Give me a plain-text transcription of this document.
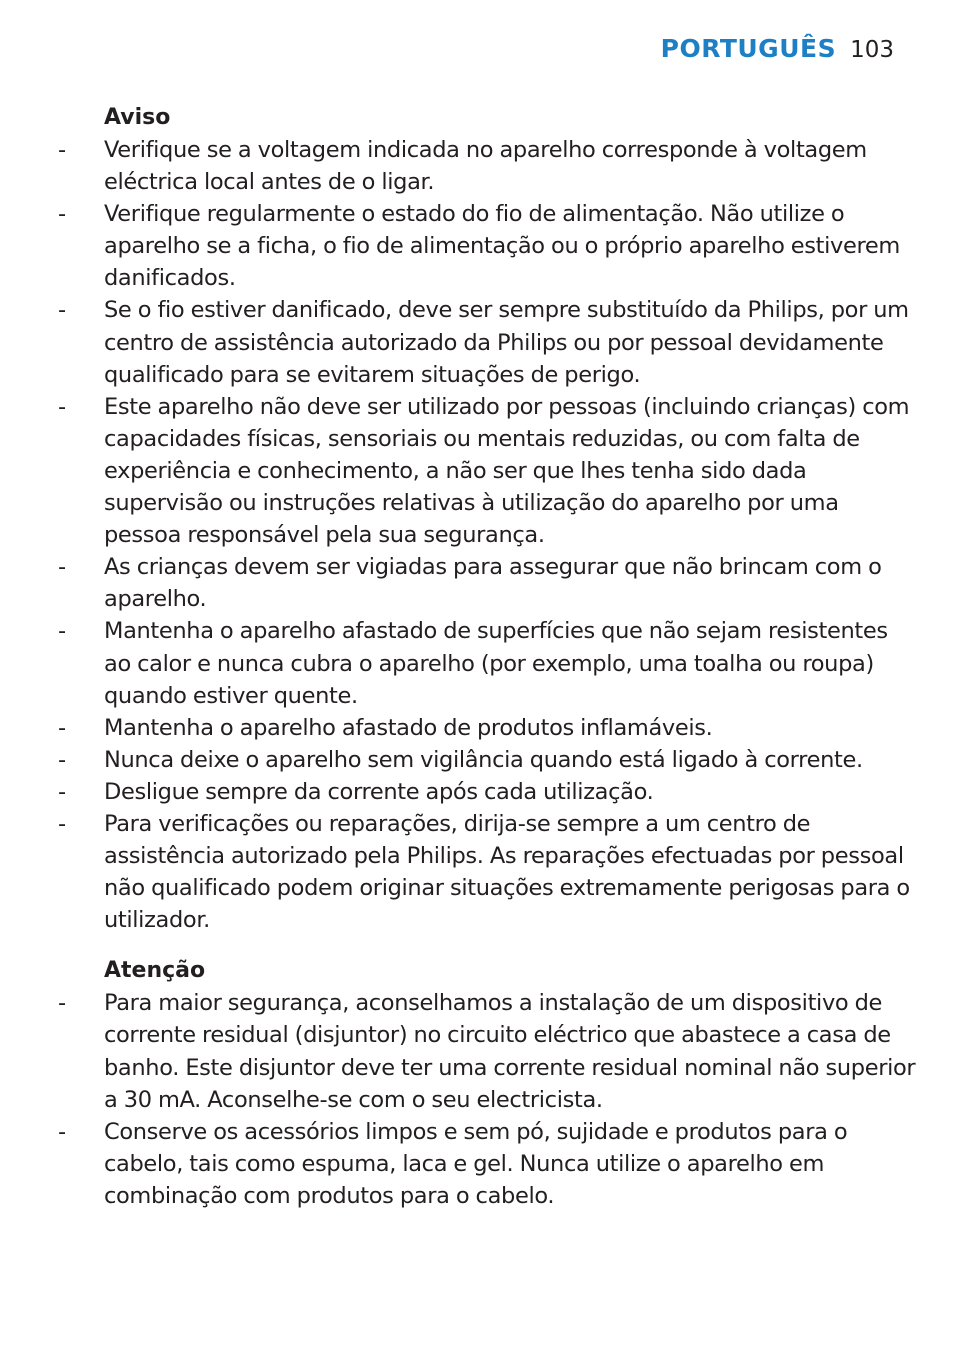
PORTUGUÊS 103
Aviso
-	Verifique se a voltagem indicada no aparelho corresponde à voltagem eléctrica local antes de o ligar.
-	Verifique regularmente o estado do fio de alimentação. Não utilize o aparelho se a ficha, o fio de alimentação ou o próprio aparelho estiverem danificados.
-	Se o fio estiver danificado, deve ser sempre substituído da Philips, por um centro de assistência autorizado da Philips ou por pessoal devidamente qualificado para se evitarem situações de perigo.
-	Este aparelho não deve ser utilizado por pessoas (incluindo crianças) com capacidades físicas, sensoriais ou mentais reduzidas, ou com falta de experiência e conhecimento, a não ser que lhes tenha sido dada supervisão ou instruções relativas à utilização do aparelho por uma pessoa responsável pela sua segurança.
-	As crianças devem ser vigiadas para assegurar que não brincam com o aparelho.
-	Mantenha o aparelho afastado de superfícies que não sejam resistentes ao calor e nunca cubra o aparelho (por exemplo, uma toalha ou roupa) quando estiver quente.
-	Mantenha o aparelho afastado de produtos inflamáveis.
-	Nunca deixe o aparelho sem vigilância quando está ligado à corrente.
-	Desligue sempre da corrente após cada utilização.
-	Para verificações ou reparações, dirija-se sempre a um centro de assistência autorizado pela Philips. As reparações efectuadas por pessoal não qualificado podem originar situações extremamente perigosas para o utilizador.
Atenção
-	Para maior segurança, aconselhamos a instalação de um dispositivo de corrente residual (disjuntor) no circuito eléctrico que abastece a casa de banho. Este disjuntor deve ter uma corrente residual nominal não superior a 30 mA. Aconselhe-se com o seu electricista.
-	Conserve os acessórios limpos e sem pó, sujidade e produtos para o cabelo, tais como espuma, laca e gel. Nunca utilize o aparelho em combinação com produtos para o cabelo.
